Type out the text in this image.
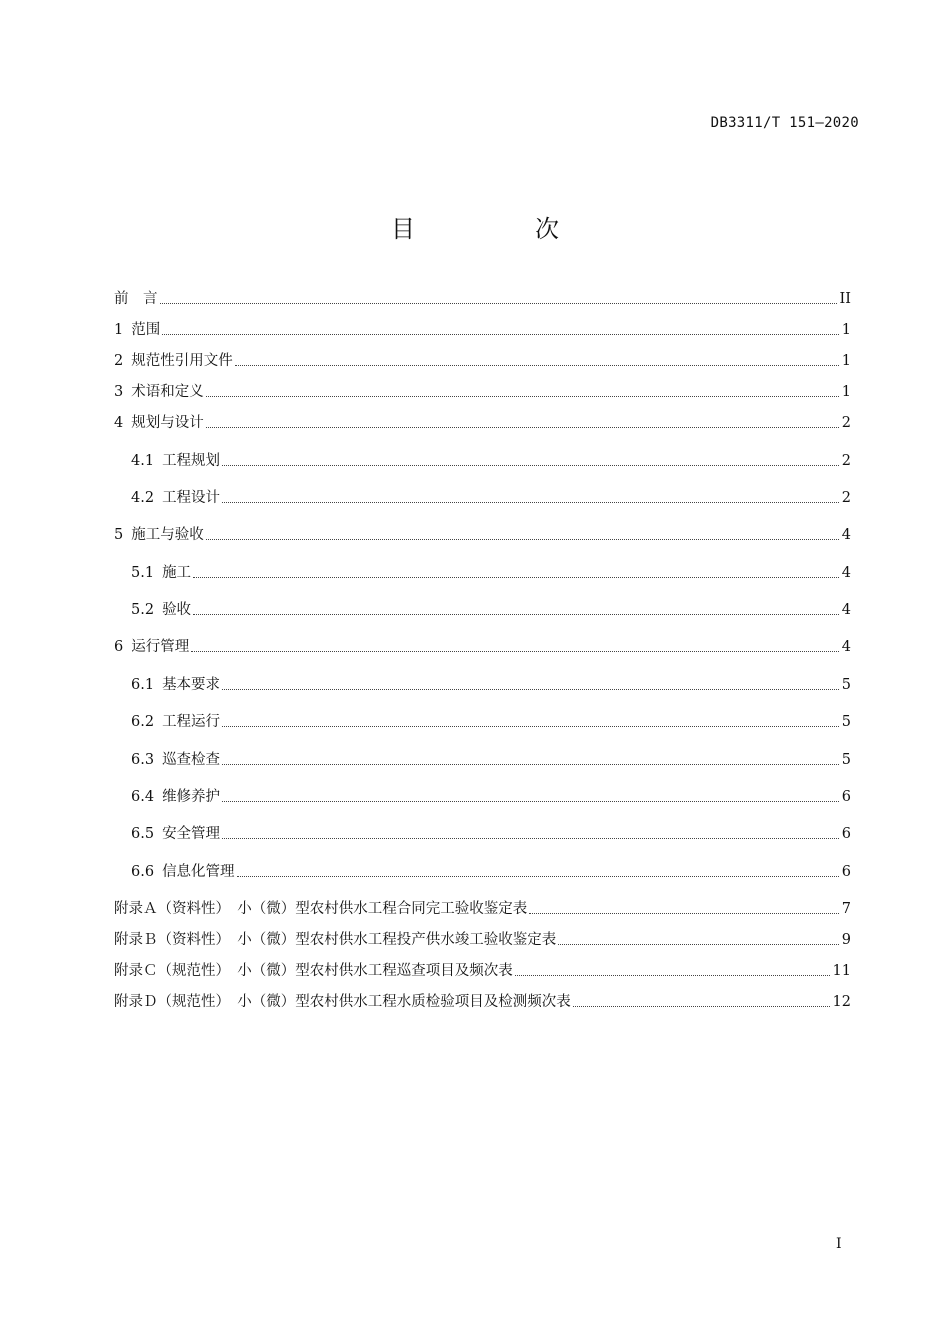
DB3311/T 151—2020
目　次
前　言	II
1 范围	1
2 规范性引用文件	1
3 术语和定义	1
4 规划与设计	2
4.1 工程规划	2
4.2 工程设计	2
5 施工与验收	4
5.1 施工	4
5.2 验收	4
6 运行管理	4
6.1 基本要求	5
6.2 工程运行	5
6.3 巡查检查	5
6.4 维修养护	6
6.5 安全管理	6
6.6 信息化管理	6
附录Ａ（资料性）　小（微）型农村供水工程合同完工验收鉴定表	7
附录Ｂ（资料性）　小（微）型农村供水工程投产供水竣工验收鉴定表	9
附录Ｃ（规范性）　小（微）型农村供水工程巡查项目及频次表	11
附录Ｄ（规范性）　小（微）型农村供水工程水质检验项目及检测频次表	12
I
